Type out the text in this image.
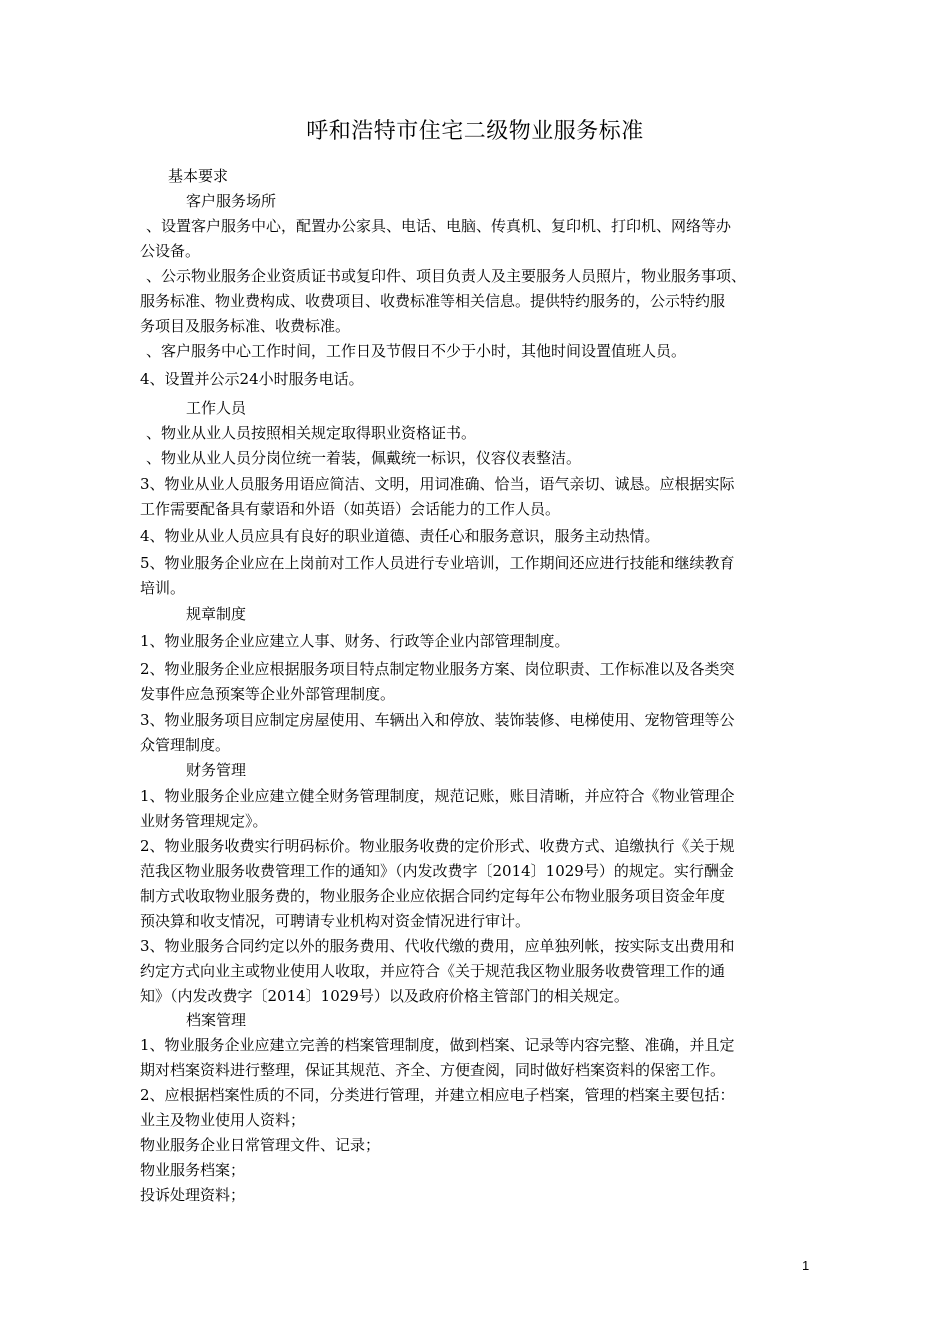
呼和浩特市住宅二级物业服务标准
基本要求
客户服务场所
、设置客户服务中心，配置办公家具、电话、电脑、传真机、复印机、打印机、网络等办
公设备。
、公示物业服务企业资质证书或复印件、项目负责人及主要服务人员照片，物业服务事项、
服务标准、物业费构成、收费项目、收费标准等相关信息。提供特约服务的，公示特约服
务项目及服务标准、收费标准。
、客户服务中心工作时间，工作日及节假日不少于小时，其他时间设置值班人员。
4、设置并公示24小时服务电话。
工作人员
、物业从业人员按照相关规定取得职业资格证书。
、物业从业人员分岗位统一着装，佩戴统一标识，仪容仪表整洁。
3、物业从业人员服务用语应简洁、文明，用词准确、恰当，语气亲切、诚恳。应根据实际
工作需要配备具有蒙语和外语（如英语）会话能力的工作人员。
4、物业从业人员应具有良好的职业道德、责任心和服务意识，服务主动热情。
5、物业服务企业应在上岗前对工作人员进行专业培训，工作期间还应进行技能和继续教育
培训。
规章制度
1、物业服务企业应建立人事、财务、行政等企业内部管理制度。
2、物业服务企业应根据服务项目特点制定物业服务方案、岗位职责、工作标准以及各类突
发事件应急预案等企业外部管理制度。
3、物业服务项目应制定房屋使用、车辆出入和停放、装饰装修、电梯使用、宠物管理等公
众管理制度。
财务管理
1、物业服务企业应建立健全财务管理制度，规范记账，账目清晰，并应符合《物业管理企
业财务管理规定》。
2、物业服务收费实行明码标价。物业服务收费的定价形式、收费方式、追缴执行《关于规
范我区物业服务收费管理工作的通知》（内发改费字〔2014〕1029号）的规定。实行酬金
制方式收取物业服务费的，物业服务企业应依据合同约定每年公布物业服务项目资金年度
预决算和收支情况，可聘请专业机构对资金情况进行审计。
3、物业服务合同约定以外的服务费用、代收代缴的费用，应单独列帐，按实际支出费用和
约定方式向业主或物业使用人收取，并应符合《关于规范我区物业服务收费管理工作的通
知》（内发改费字〔2014〕1029号）以及政府价格主管部门的相关规定。
档案管理
1、物业服务企业应建立完善的档案管理制度，做到档案、记录等内容完整、准确，并且定
期对档案资料进行整理，保证其规范、齐全、方便查阅，同时做好档案资料的保密工作。
2、应根据档案性质的不同，分类进行管理，并建立相应电子档案，管理的档案主要包括：
业主及物业使用人资料；
物业服务企业日常管理文件、记录；
物业服务档案；
投诉处理资料；
1
